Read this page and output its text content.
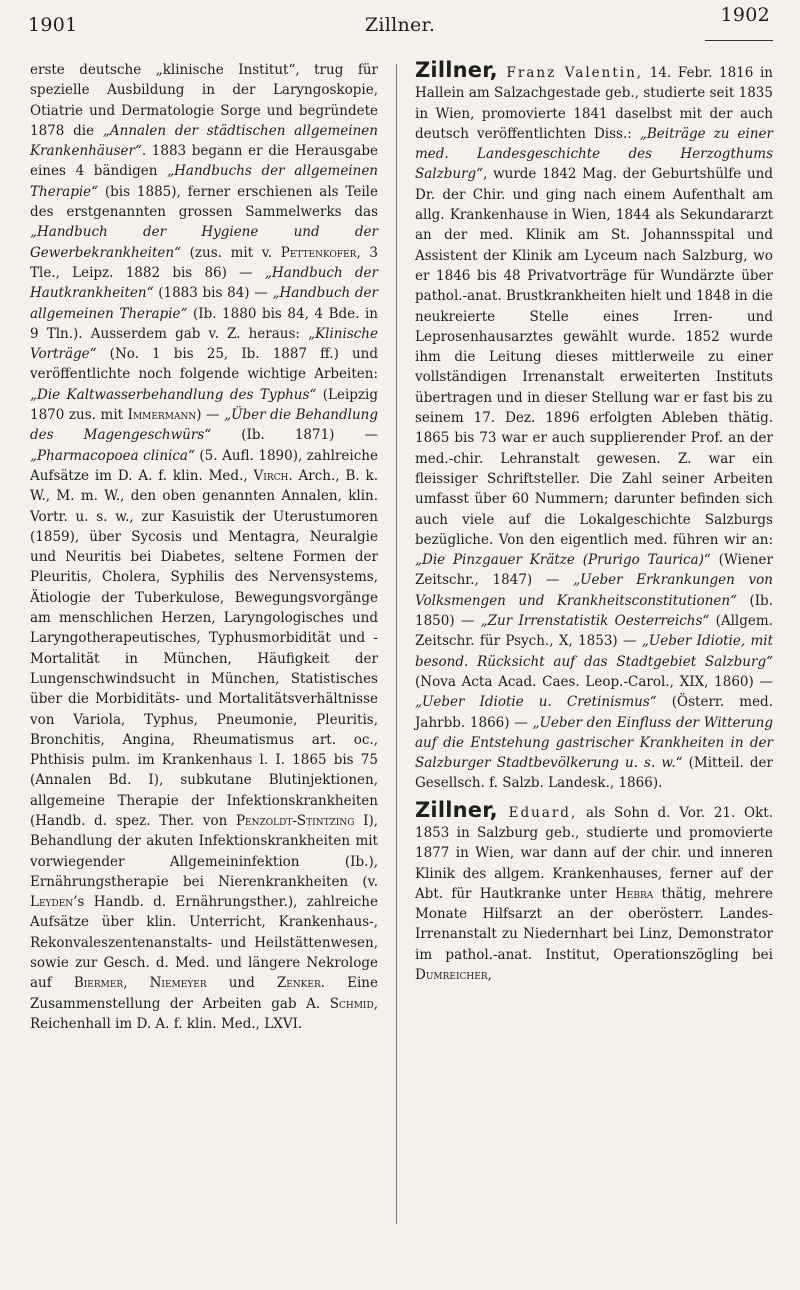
1901	Zillner.	1902

erste deutsche „klinische Institut“, trug für spezielle Ausbildung in der Laryngoskopie, Otiatrie und Dermatologie Sorge und begründete 1878 die „Annalen der städtischen allgemeinen Krankenhäuser“. 1883 begann er die Herausgabe eines 4 bändigen „Handbuchs der allgemeinen Therapie“ (bis 1885), ferner erschienen als Teile des erstgenannten grossen Sammelwerks das „Handbuch der Hygiene und der Gewerbekrankheiten“ (zus. mit v. Pettenkofer, 3 Tle., Leipz. 1882 bis 86) — „Handbuch der Hautkrankheiten“ (1883 bis 84) — „Handbuch der allgemeinen Therapie“ (Ib. 1880 bis 84, 4 Bde. in 9 Tln.). Ausserdem gab v. Z. heraus: „Klinische Vorträge“ (No. 1 bis 25, Ib. 1887 ff.) und veröffentlichte noch folgende wichtige Arbeiten: „Die Kaltwasserbehandlung des Typhus“ (Leipzig 1870 zus. mit Immermann) — „Über die Behandlung des Magengeschwürs“ (Ib. 1871) — „Pharmacopoea clinica“ (5. Aufl. 1890), zahlreiche Aufsätze im D. A. f. klin. Med., Virch. Arch., B. k. W., M. m. W., den oben genannten Annalen, klin. Vortr. u. s. w., zur Kasuistik der Uterustumoren (1859), über Sycosis und Mentagra, Neuralgie und Neuritis bei Diabetes, seltene Formen der Pleuritis, Cholera, Syphilis des Nervensystems, Ätiologie der Tuberkulose, Bewegungsvorgänge am menschlichen Herzen, Laryngologisches und Laryngotherapeutisches, Typhusmorbidität und -Mortalität in München, Häufigkeit der Lungenschwindsucht in München, Statistisches über die Morbiditäts- und Mortalitätsverhältnisse von Variola, Typhus, Pneumonie, Pleuritis, Bronchitis, Angina, Rheumatismus art. oc., Phthisis pulm. im Krankenhaus l. I. 1865 bis 75 (Annalen Bd. I), subkutane Blutinjektionen, allgemeine Therapie der Infektionskrankheiten (Handb. d. spez. Ther. von Penzoldt-Stintzing I), Behandlung der akuten Infektionskrankheiten mit vorwiegender Allgemeininfektion (Ib.), Ernährungstherapie bei Nierenkrankheiten (v. Leyden’s Handb. d. Ernährungsther.), zahlreiche Aufsätze über klin. Unterricht, Krankenhaus-, Rekonvaleszentenanstalts- und Heilstättenwesen, sowie zur Gesch. d. Med. und längere Nekrologe auf Biermer, Niemeyer und Zenker. Eine Zusammenstellung der Arbeiten gab A. Schmid, Reichenhall im D. A. f. klin. Med., LXVI.

Zillner, Franz Valentin, 14. Febr. 1816 in Hallein am Salzachgestade geb., studierte seit 1835 in Wien, promovierte 1841 daselbst mit der auch deutsch veröffentlichten Diss.: „Beiträge zu einer med. Landesgeschichte des Herzogthums Salzburg“, wurde 1842 Mag. der Geburtshülfe und Dr. der Chir. und ging nach einem Aufenthalt am allg. Krankenhause in Wien, 1844 als Sekundararzt an der med. Klinik am St. Johannsspital und Assistent der Klinik am Lyceum nach Salzburg, wo er 1846 bis 48 Privatvorträge für Wundärzte über pathol.-anat. Brustkrankheiten hielt und 1848 in die neukreierte Stelle eines Irren- und Leprosenhausarztes gewählt wurde. 1852 wurde ihm die Leitung dieses mittlerweile zu einer vollständigen Irrenanstalt erweiterten Instituts übertragen und in dieser Stellung war er fast bis zu seinem 17. Dez. 1896 erfolgten Ableben thätig. 1865 bis 73 war er auch supplierender Prof. an der med.-chir. Lehranstalt gewesen. Z. war ein fleissiger Schriftsteller. Die Zahl seiner Arbeiten umfasst über 60 Nummern; darunter befinden sich auch viele auf die Lokalgeschichte Salzburgs bezügliche. Von den eigentlich med. führen wir an: „Die Pinzgauer Krätze (Prurigo Taurica)“ (Wiener Zeitschr., 1847) — „Ueber Erkrankungen von Volksmengen und Krankheitsconstitutionen“ (Ib. 1850) — „Zur Irrenstatistik Oesterreichs“ (Allgem. Zeitschr. für Psych., X, 1853) — „Ueber Idiotie, mit besond. Rücksicht auf das Stadtgebiet Salzburg“ (Nova Acta Acad. Caes. Leop.-Carol., XIX, 1860) — „Ueber Idiotie u. Cretinismus“ (Österr. med. Jahrbb. 1866) — „Ueber den Einfluss der Witterung auf die Entstehung gastrischer Krankheiten in der Salzburger Stadtbevölkerung u. s. w.“ (Mitteil. der Gesellsch. f. Salzb. Landesk., 1866).

Zillner, Eduard, als Sohn d. Vor. 21. Okt. 1853 in Salzburg geb., studierte und promovierte 1877 in Wien, war dann auf der chir. und inneren Klinik des allgem. Krankenhauses, ferner auf der Abt. für Hautkranke unter Hebra thätig, mehrere Monate Hilfsarzt an der oberösterr. Landes-Irrenanstalt zu Niedernhart bei Linz, Demonstrator im pathol.-anat. Institut, Operationszögling bei Dumreicher,
